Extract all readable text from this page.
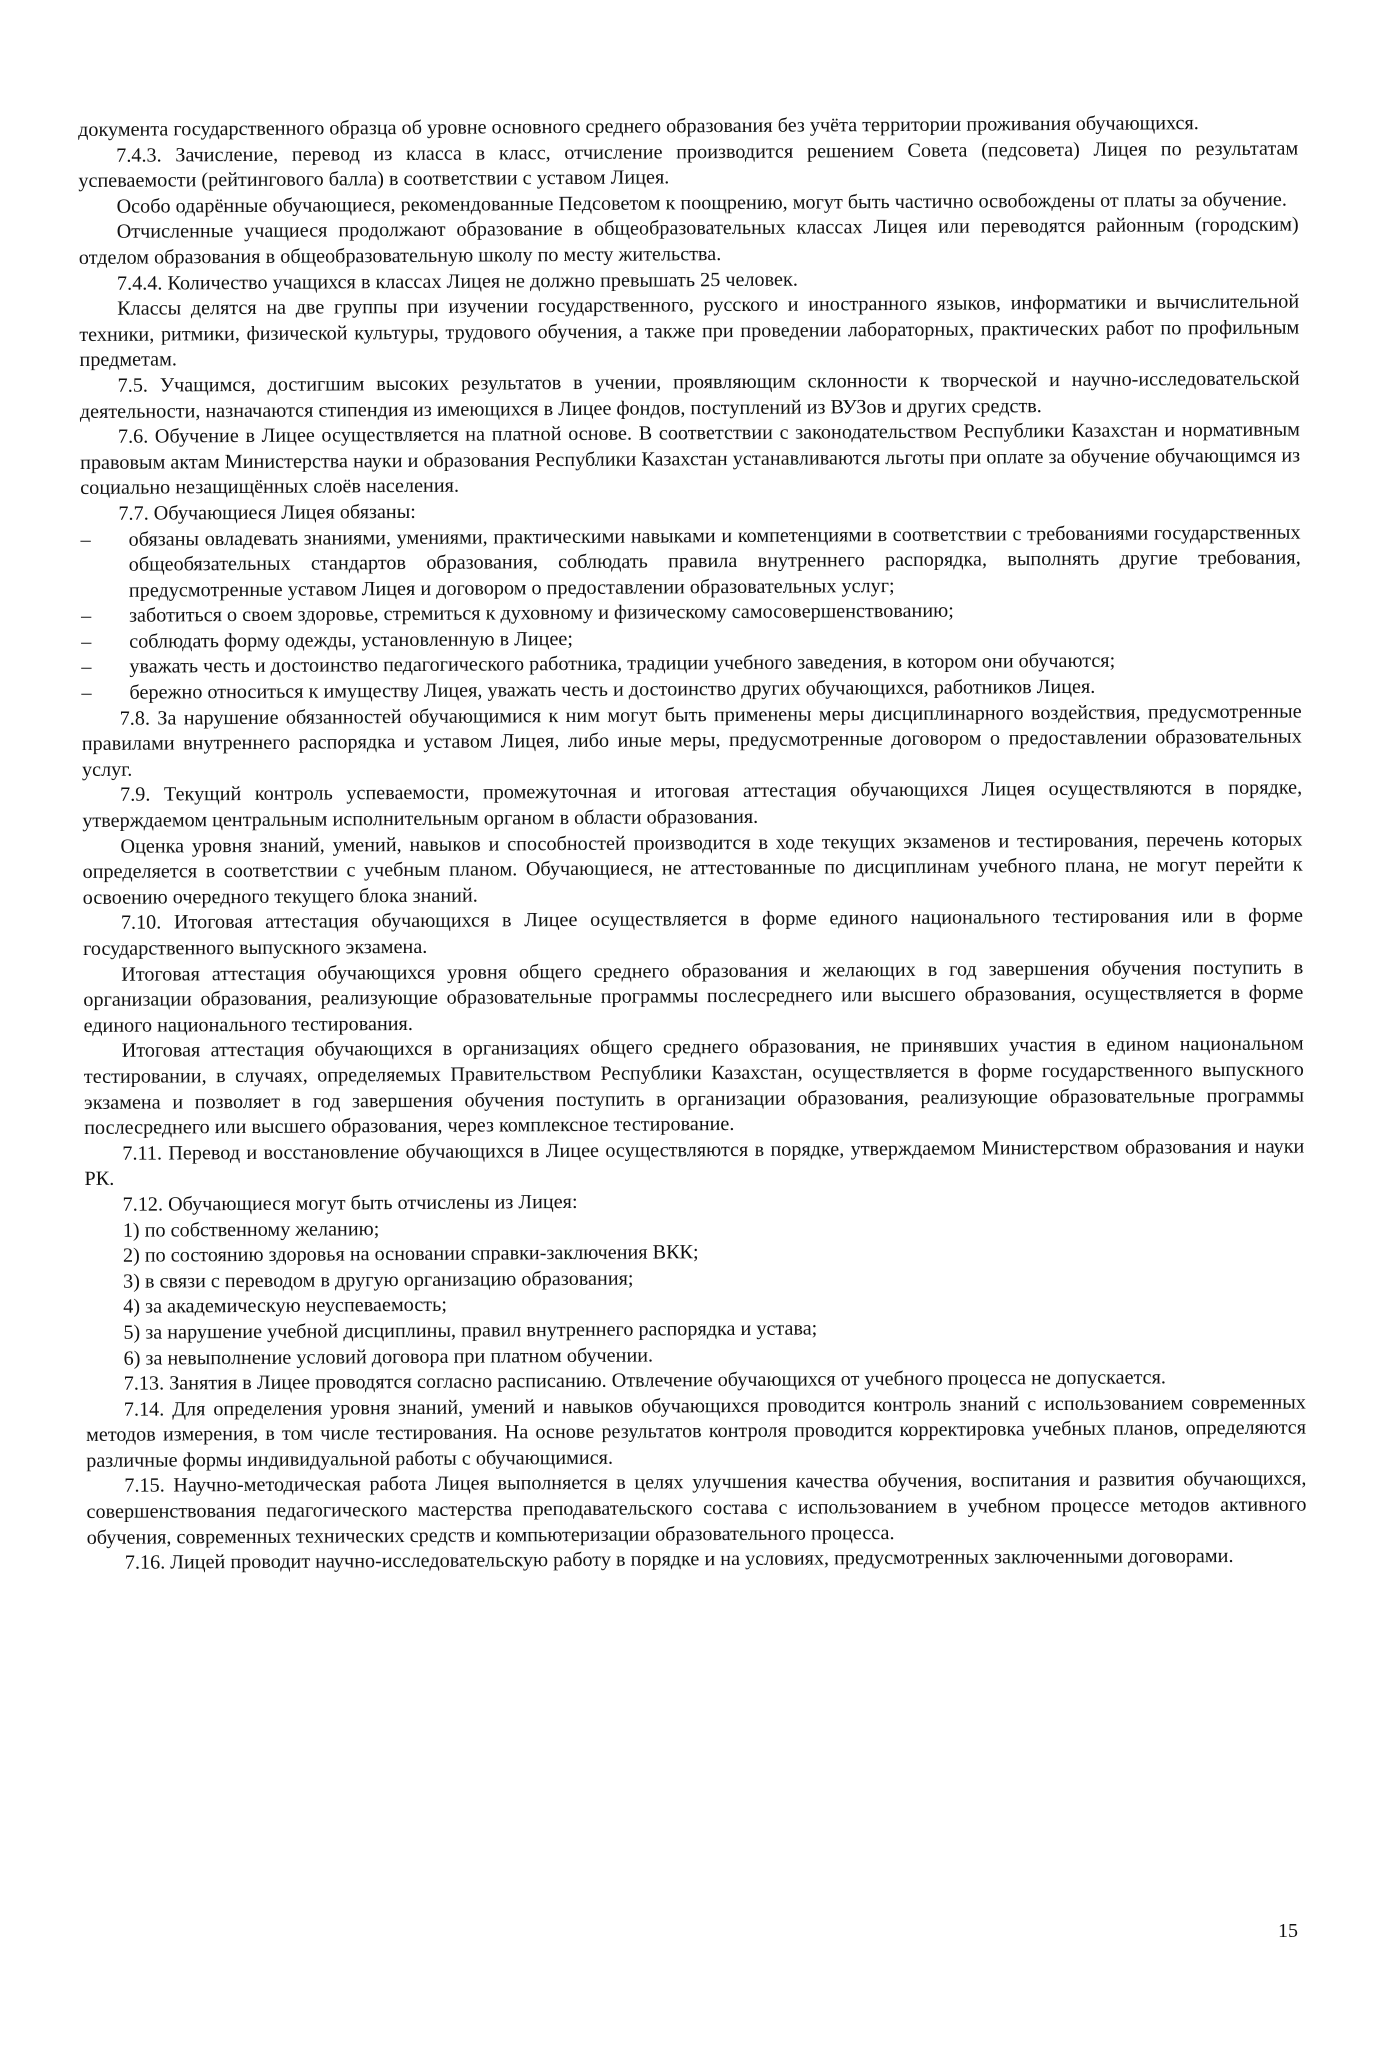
документа государственного образца об уровне основного среднего образования без учёта территории проживания обучающихся.

7.4.3. Зачисление, перевод из класса в класс, отчисление производится решением Совета (педсовета) Лицея по результатам успеваемости (рейтингового балла) в соответствии с уставом Лицея.

Особо одарённые обучающиеся, рекомендованные Педсоветом к поощрению, могут быть частично освобождены от платы за обучение.

Отчисленные учащиеся продолжают образование в общеобразовательных классах Лицея или переводятся районным (городским) отделом образования в общеобразовательную школу по месту жительства.

7.4.4. Количество учащихся в классах Лицея не должно превышать 25 человек.

Классы делятся на две группы при изучении государственного, русского и иностранного языков, информатики и вычислительной техники, ритмики, физической культуры, трудового обучения, а также при проведении лабораторных, практических работ по профильным предметам.

7.5. Учащимся, достигшим высоких результатов в учении, проявляющим склонности к творческой и научно-исследовательской деятельности, назначаются стипендия из имеющихся в Лицее фондов, поступлений из ВУЗов и других средств.

7.6. Обучение в Лицее осуществляется на платной основе. В соответствии с законодательством Республики Казахстан и нормативным правовым актам Министерства науки и образования Республики Казахстан устанавливаются льготы при оплате за обучение обучающимся из социально незащищённых слоёв населения.

7.7. Обучающиеся Лицея обязаны:

– обязаны овладевать знаниями, умениями, практическими навыками и компетенциями в соответствии с требованиями государственных общеобязательных стандартов образования, соблюдать правила внутреннего распорядка, выполнять другие требования, предусмотренные уставом Лицея и договором о предоставлении образовательных услуг;
– заботиться о своем здоровье, стремиться к духовному и физическому самосовершенствованию;
– соблюдать форму одежды, установленную в Лицее;
– уважать честь и достоинство педагогического работника, традиции учебного заведения, в котором они обучаются;
– бережно относиться к имуществу Лицея, уважать честь и достоинство других обучающихся, работников Лицея.

7.8. За нарушение обязанностей обучающимися к ним могут быть применены меры дисциплинарного воздействия, предусмотренные правилами внутреннего распорядка и уставом Лицея, либо иные меры, предусмотренные договором о предоставлении образовательных услуг.

7.9. Текущий контроль успеваемости, промежуточная и итоговая аттестация обучающихся Лицея осуществляются в порядке, утверждаемом центральным исполнительным органом в области образования.

Оценка уровня знаний, умений, навыков и способностей производится в ходе текущих экзаменов и тестирования, перечень которых определяется в соответствии с учебным планом. Обучающиеся, не аттестованные по дисциплинам учебного плана, не могут перейти к освоению очередного текущего блока знаний.

7.10. Итоговая аттестация обучающихся в Лицее осуществляется в форме единого национального тестирования или в форме государственного выпускного экзамена.

Итоговая аттестация обучающихся уровня общего среднего образования и желающих в год завершения обучения поступить в организации образования, реализующие образовательные программы послесреднего или высшего образования, осуществляется в форме единого национального тестирования.

Итоговая аттестация обучающихся в организациях общего среднего образования, не принявших участия в едином национальном тестировании, в случаях, определяемых Правительством Республики Казахстан, осуществляется в форме государственного выпускного экзамена и позволяет в год завершения обучения поступить в организации образования, реализующие образовательные программы послесреднего или высшего образования, через комплексное тестирование.

7.11. Перевод и восстановление обучающихся в Лицее осуществляются в порядке, утверждаемом Министерством образования и науки РК.

7.12. Обучающиеся могут быть отчислены из Лицея:

1) по собственному желанию;
2) по состоянию здоровья на основании справки-заключения ВКК;
3) в связи с переводом в другую организацию образования;
4) за академическую неуспеваемость;
5) за нарушение учебной дисциплины, правил внутреннего распорядка и устава;
6) за невыполнение условий договора при платном обучении.

7.13. Занятия в Лицее проводятся согласно расписанию. Отвлечение обучающихся от учебного процесса не допускается.

7.14. Для определения уровня знаний, умений и навыков обучающихся проводится контроль знаний с использованием современных методов измерения, в том числе тестирования. На основе результатов контроля проводится корректировка учебных планов, определяются различные формы индивидуальной работы с обучающимися.

7.15. Научно-методическая работа Лицея выполняется в целях улучшения качества обучения, воспитания и развития обучающихся, совершенствования педагогического мастерства преподавательского состава с использованием в учебном процессе методов активного обучения, современных технических средств и компьютеризации образовательного процесса.

7.16. Лицей проводит научно-исследовательскую работу в порядке и на условиях, предусмотренных заключенными договорами.

15
